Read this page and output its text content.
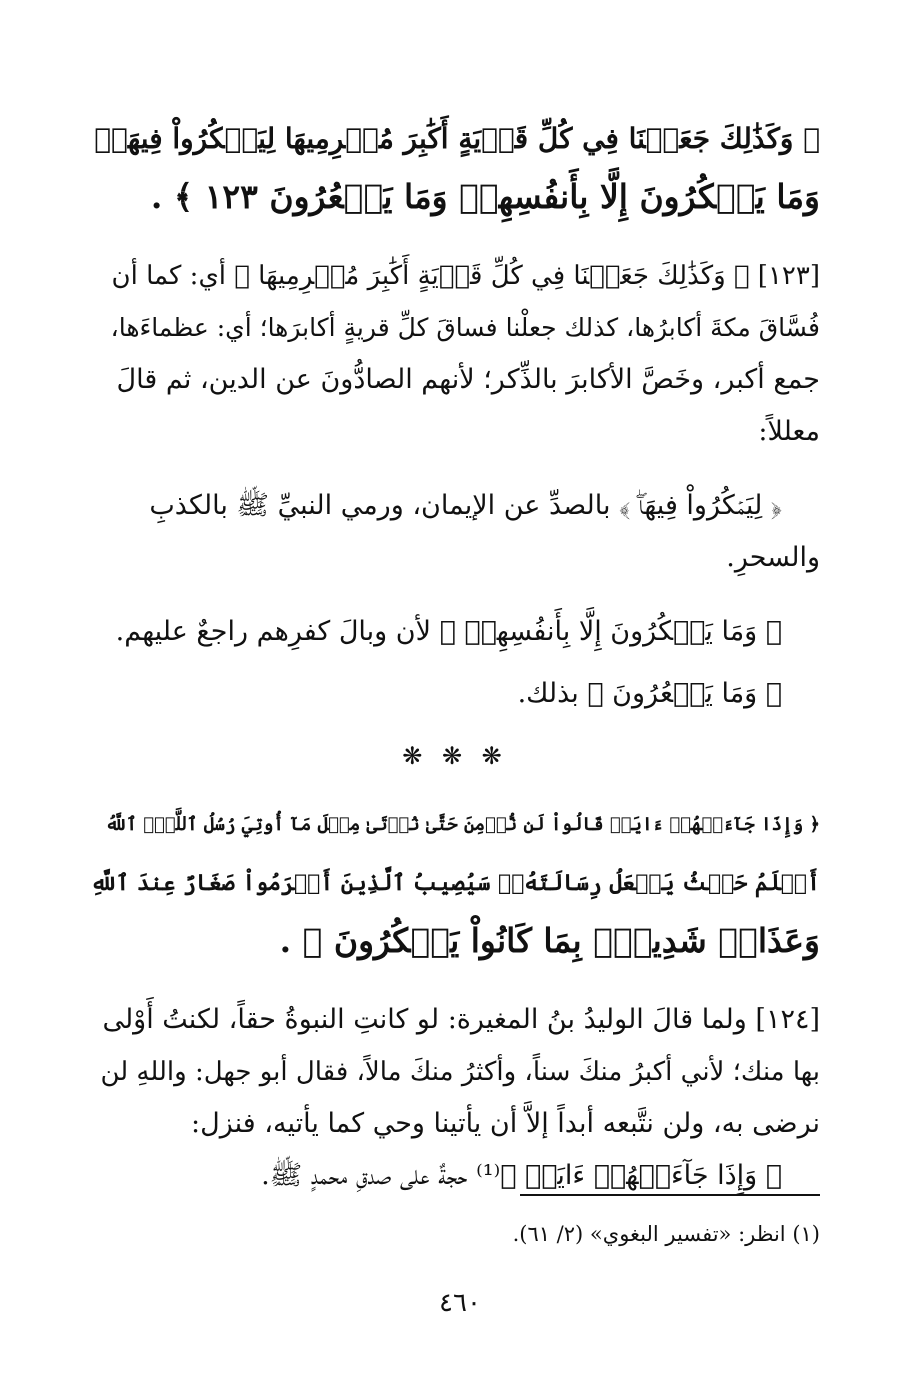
﴿ وَكَذَٰلِكَ جَعَلۡنَا فِي كُلِّ قَرۡيَةٍ أَكَٰبِرَ مُجۡرِمِيهَا لِيَمۡكُرُواْ فِيهَاۖ
وَمَا يَمۡكُرُونَ إِلَّا بِأَنفُسِهِمۡ وَمَا يَشۡعُرُونَ ١٢٣ ﴾ .
[١٢٣] ﴿ وَكَذَٰلِكَ جَعَلۡنَا فِي كُلِّ قَرۡيَةٍ أَكَٰبِرَ مُجۡرِمِيهَا ﴾ أي: كما أن
فُسَّاقَ مكةَ أكابرُها، كذلك جعلْنا فساقَ كلِّ قريةٍ أكابرَها؛ أي: عظماءَها،
جمع أكبر، وخَصَّ الأكابرَ بالذِّكر؛ لأنهم الصادُّونَ عن الدين، ثم قالَ
معللاً:
﴿ لِيَمۡكُرُواْ فِيهَاۖ ﴾ بالصدِّ عن الإيمان، ورمي النبيِّ ﷺ بالكذبِ
والسحرِ.
﴿ وَمَا يَمۡكُرُونَ إِلَّا بِأَنفُسِهِمۡ ﴾ لأن وبالَ كفرِهم راجعٌ عليهم.
﴿ وَمَا يَشۡعُرُونَ ﴾ بذلك.
❋ ❋ ❋
﴿ وَإِذَا جَآءَتۡهُمۡ ءَايَةٞ قَالُواْ لَن نُّؤۡمِنَ حَتَّىٰ نُؤۡتَىٰ مِثۡلَ مَآ أُوتِيَ رُسُلُ ٱللَّهِۘ ٱللَّهُ
أَعۡلَمُ حَيۡثُ يَجۡعَلُ رِسَالَتَهُۥۗ سَيُصِيبُ ٱلَّذِينَ أَجۡرَمُواْ صَغَارٌ عِندَ ٱللَّهِ
وَعَذَابٞ شَدِيدُۢ بِمَا كَانُواْ يَمۡكُرُونَ ﴾ .
[١٢٤] ولما قالَ الوليدُ بنُ المغيرة: لو كانتِ النبوةُ حقاً، لكنتُ أَوْلى
بها منك؛ لأني أكبرُ منكَ سناً، وأكثرُ منكَ مالاً، فقال أبو جهل: واللهِ لن
نرضى به، ولن نتَّبعه أبداً إلاَّ أن يأتينا وحي كما يأتيه، فنزل:
﴿ وَإِذَا جَآءَتۡهُمۡ ءَايَةٞ ﴾⁽¹⁾ حجةٌ على صدقِ محمدٍ ﷺ.
(١) انظر: «تفسير البغوي» (٢/ ٦١).
٤٦٠
